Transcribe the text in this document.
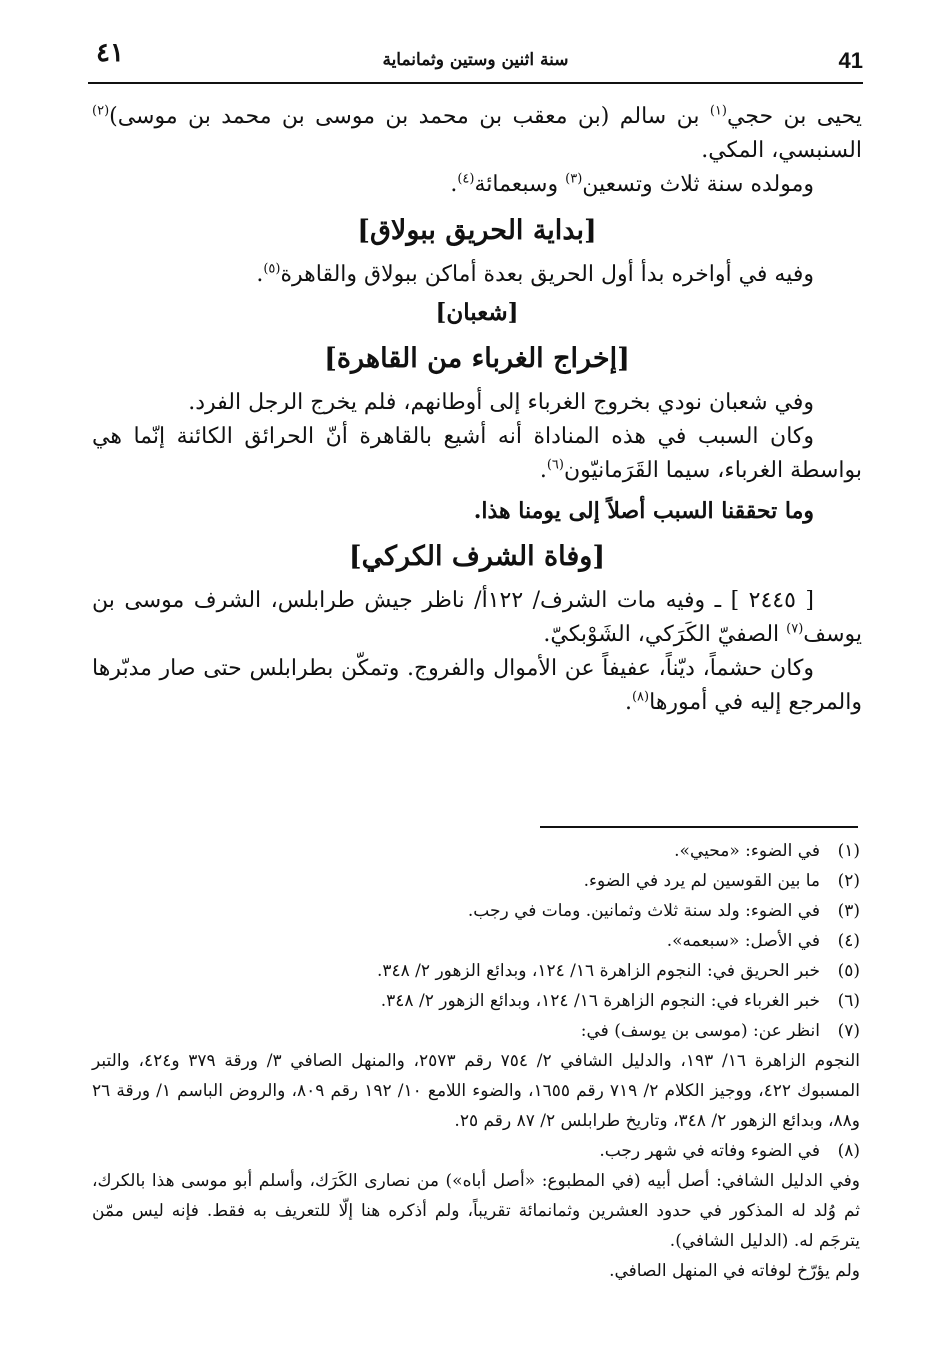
٤١	سنة اثنين وستين وثمانماية	41

يحيى بن حجي$^{(١)}$ بن سالم (بن معقب بن محمد بن موسى بن محمد بن موسى)$^{(٢)}$ السنبسي، المكي.

ومولده سنة ثلاث وتسعين$^{(٣)}$ وسبعمائة$^{(٤)}$.

[بداية الحريق ببولاق]

وفيه في أواخره بدأ أول الحريق بعدة أماكن ببولاق والقاهرة$^{(٥)}$.

[شعبان]

[إخراج الغرباء من القاهرة]

وفي شعبان نودي بخروج الغرباء إلى أوطانهم، فلم يخرج الرجل الفرد.

وكان السبب في هذه المناداة أنه أشيع بالقاهرة أنّ الحرائق الكائنة إنّما هي بواسطة الغرباء، سيما القَرَمانيّون$^{(٦)}$.

وما تحققنا السبب أصلاً إلى يومنا هذا.

[وفاة الشرف الكركي]

[ ٢٤٤٥ ] ـ وفيه مات الشرف/ ١٢٢أ/ ناظر جيش طرابلس، الشرف موسى بن يوسف$^{(٧)}$ الصفيّ الكَرَكي، الشَوْبكيّ.

وكان حشماً، ديّناً، عفيفاً عن الأموال والفروج. وتمكّن بطرابلس حتى صار مدبّرها والمرجع إليه في أمورها$^{(٨)}$.

(١)
في الضوء: «محيي».
(٢)
ما بين القوسين لم يرد في الضوء.
(٣)
في الضوء: ولد سنة ثلاث وثمانين. ومات في رجب.
(٤)
في الأصل: «سبعمه».
(٥)
خبر الحريق في: النجوم الزاهرة ١٦/ ١٢٤، وبدائع الزهور ٢/ ٣٤٨.
(٦)
خبر الغرباء في: النجوم الزاهرة ١٦/ ١٢٤، وبدائع الزهور ٢/ ٣٤٨.
(٧)
انظر عن: (موسى بن يوسف) في:
النجوم الزاهرة ١٦/ ١٩٣، والدليل الشافي ٢/ ٧٥٤ رقم ٢٥٧٣، والمنهل الصافي ٣/ ورقة ٣٧٩ و٤٢٤، والتبر المسبوك ٤٢٢، ووجيز الكلام ٢/ ٧١٩ رقم ١٦٥٥، والضوء اللامع ١٠/ ١٩٢ رقم ٨٠٩، والروض الباسم ١/ ورقة ٢٦ و٨٨، وبدائع الزهور ٢/ ٣٤٨، وتاريخ طرابلس ٢/ ٨٧ رقم ٢٥.
(٨)
في الضوء وفاته في شهر رجب.
وفي الدليل الشافي: أصل أبيه (في المطبوع: «أصل أباه») من نصارى الكَرَك، وأسلم أبو موسى هذا بالكرك، ثم وُلد له المذكور في حدود العشرين وثمانمائة تقريباً، ولم أذكره هنا إلّا للتعريف به فقط. فإنه ليس ممّن يترجَم له. (الدليل الشافي).
ولم يؤرّخ لوفاته في المنهل الصافي.
